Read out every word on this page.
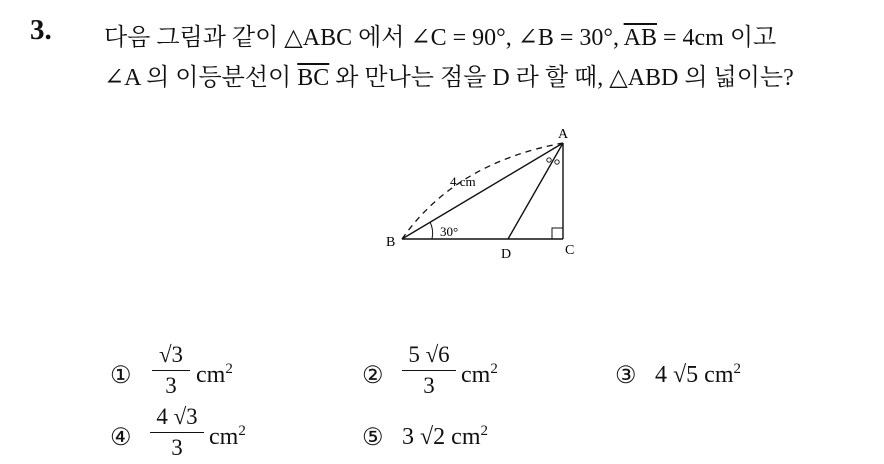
3. 다음 그림과 같이 △ABC 에서 ∠C = 90°, ∠B = 30°, $\overline{AB} = 4cm$ 이고
∠A 의 이등분선이 $\overline{BC}$ 와 만나는 점을 D 라 할 때, △ABD 의 넓이는?
A
B
C
D
4 cm
30°
① $\frac{√3}{3} cm^2$	② $\frac{5 √6}{3} cm^2$	③ 4 √5 $cm^2$
④ $\frac{4 √3}{3} cm^2$	⑤ 3 √2 $cm^2$
